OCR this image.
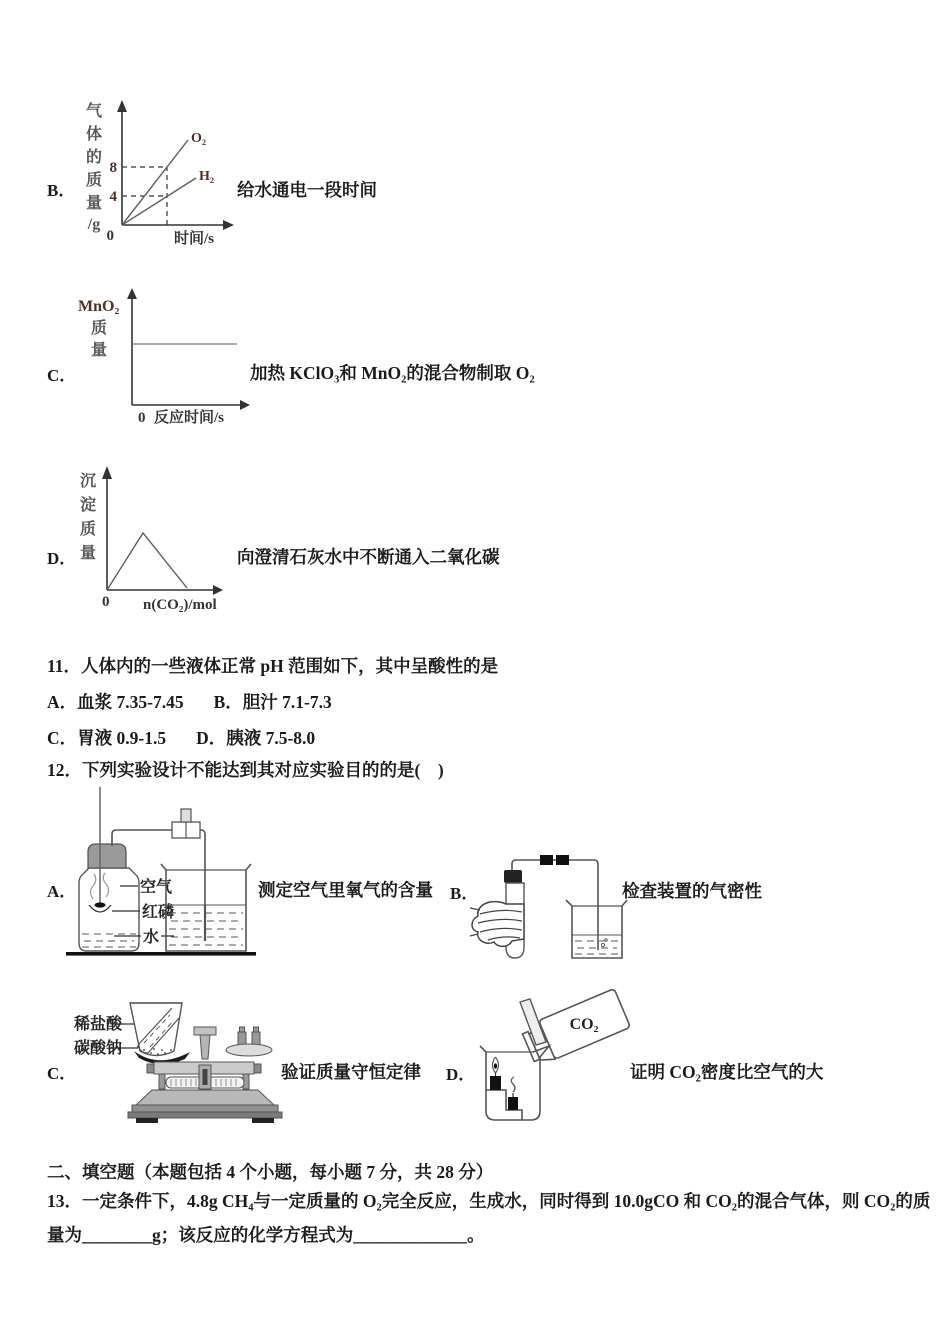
B．
气
体
的
质
量
/g
8
4
O₂
H₂
0	时间/s
给水通电一段时间
C．
MnO₂
质
量
0 反应时间/s
加热 KClO₃和 MnO₂的混合物制取 O₂
D．
沉
淀
质
量
0 n(CO₂)/mol
向澄清石灰水中不断通入二氧化碳
11．人体内的一些液体正常 pH 范围如下，其中呈酸性的是
A．血浆 7.35-7.45 B．胆汁 7.1-7.3
C．胃液 0.9-1.5 D．胰液 7.5-8.0
12．下列实验设计不能达到其对应实验目的的是(　)
A．	空气
红磷
水
测定空气里氧气的含量 B．	检查装置的气密性
C．
稀盐酸
碳酸钠
验证质量守恒定律 D．
CO₂
证明 CO₂密度比空气的大
二、填空题（本题包括 4 个小题，每小题 7 分，共 28 分）
13．一定条件下，4.8g CH₄与一定质量的 O₂完全反应，生成水，同时得到 10.0gCO 和 CO₂的混合气体，则 CO₂的质
量为________g；该反应的化学方程式为_____________。
